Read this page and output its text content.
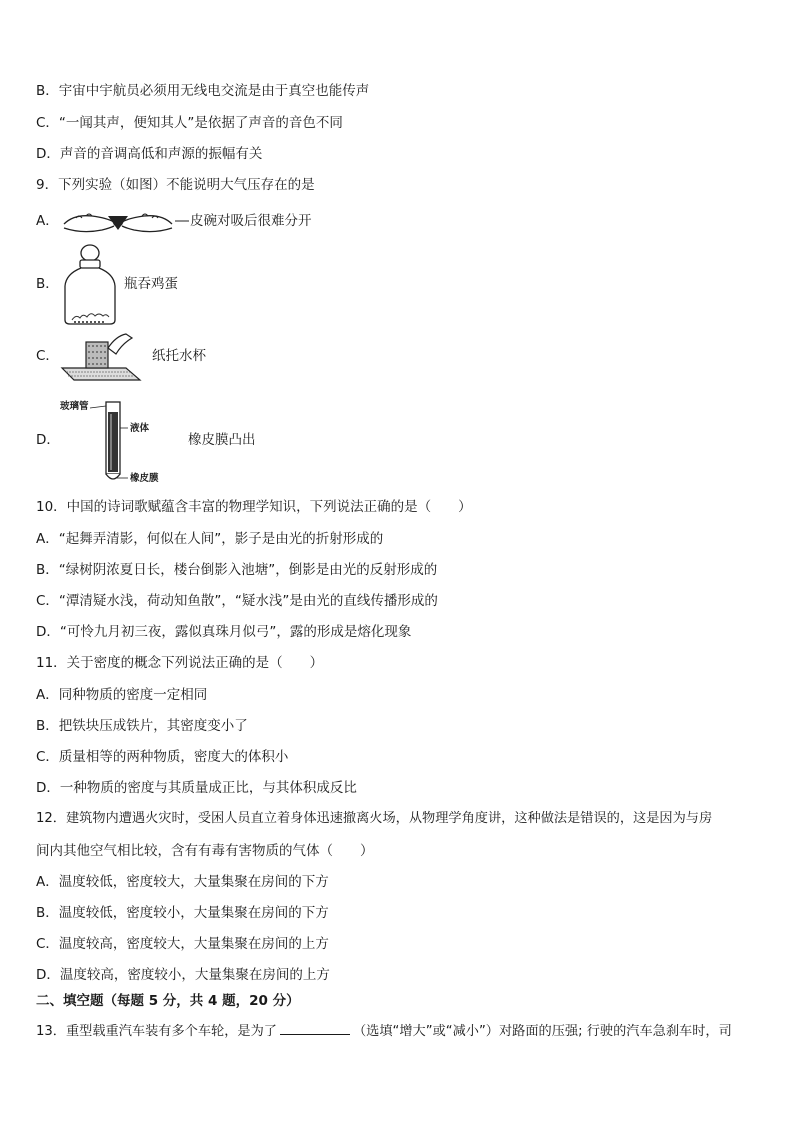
B．宇宙中宇航员必须用无线电交流是由于真空也能传声
C．“一闻其声，便知其人”是依据了声音的音色不同
D．声音的音调高低和声源的振幅有关
9．下列实验（如图）不能说明大气压存在的是
A．	皮碗对吸后很难分开
B．	瓶吞鸡蛋
C．	纸托水杯
D．
玻璃管
液体
橡皮膜
橡皮膜凸出
10．中国的诗词歌赋蕴含丰富的物理学知识，下列说法正确的是（　　）
A．“起舞弄清影，何似在人间”，影子是由光的折射形成的
B．“绿树阴浓夏日长，楼台倒影入池塘”，倒影是由光的反射形成的
C．“潭清疑水浅，荷动知鱼散”，“疑水浅”是由光的直线传播形成的
D．“可怜九月初三夜，露似真珠月似弓”，露的形成是熔化现象
11．关于密度的概念下列说法正确的是（　　）
A．同种物质的密度一定相同
B．把铁块压成铁片，其密度变小了
C．质量相等的两种物质，密度大的体积小
D．一种物质的密度与其质量成正比，与其体积成反比
12．建筑物内遭遇火灾时，受困人员直立着身体迅速撤离火场，从物理学角度讲，这种做法是错误的，这是因为与房
间内其他空气相比较，含有有毒有害物质的气体（　　）
A．温度较低，密度较大，大量集聚在房间的下方
B．温度较低，密度较小，大量集聚在房间的下方
C．温度较高，密度较大，大量集聚在房间的上方
D．温度较高，密度较小，大量集聚在房间的上方
二、填空题（每题 5 分，共 4 题，20 分）
13．重型载重汽车装有多个车轮，是为了	（选填“增大”或“减小”）对路面的压强; 行驶的汽车急刹车时，司
